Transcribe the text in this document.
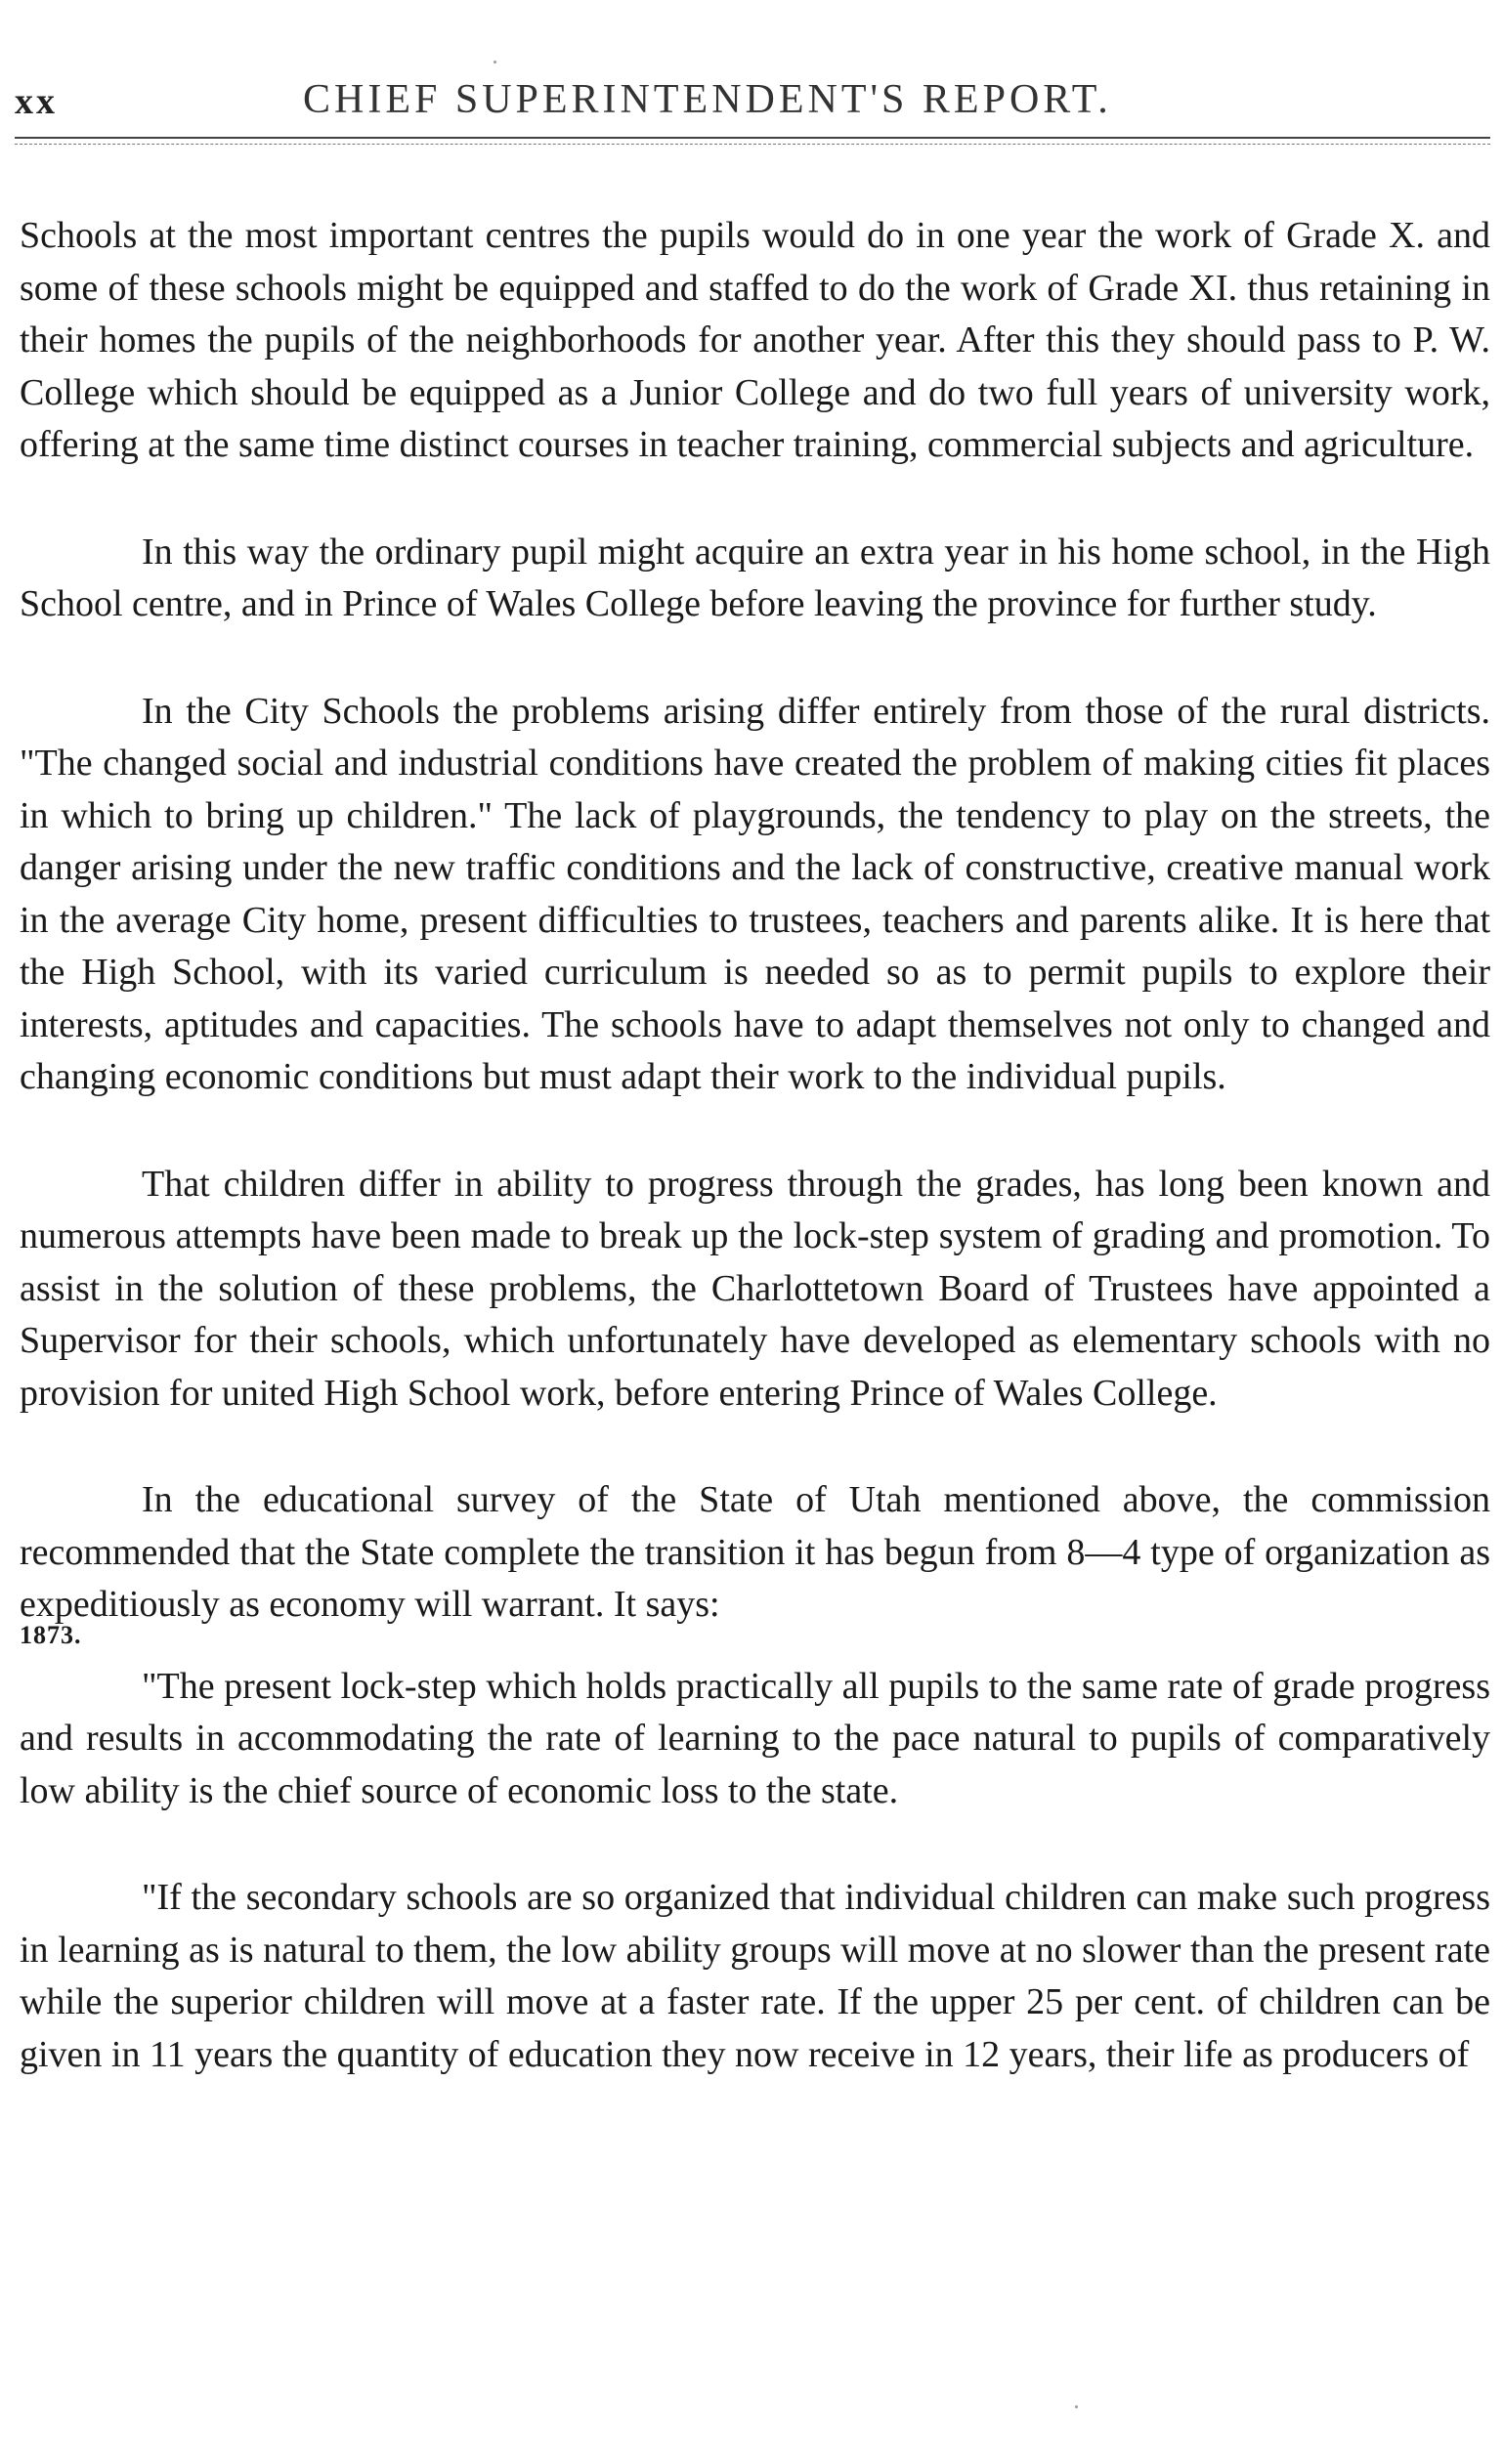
xx	CHIEF SUPERINTENDENT'S REPORT.

Schools at the most important centres the pupils would do in one year the work of Grade X. and some of these schools might be equipped and staffed to do the work of Grade XI. thus retaining in their homes the pupils of the neighborhoods for another year. After this they should pass to P. W. College which should be equipped as a Junior College and do two full years of university work, offering at the same time distinct courses in teacher training, commercial subjects and agriculture.

In this way the ordinary pupil might acquire an extra year in his home school, in the High School centre, and in Prince of Wales College before leaving the province for further study.

In the City Schools the problems arising differ entirely from those of the rural districts. "The changed social and industrial conditions have created the problem of making cities fit places in which to bring up children." The lack of playgrounds, the tendency to play on the streets, the danger arising under the new traffic conditions and the lack of constructive, creative manual work in the average City home, present difficulties to trustees, teachers and parents alike. It is here that the High School, with its varied curriculum is needed so as to permit pupils to explore their interests, aptitudes and capacities. The schools have to adapt themselves not only to changed and changing economic conditions but must adapt their work to the individual pupils.

That children differ in ability to progress through the grades, has long been known and numerous attempts have been made to break up the lock-step system of grading and promotion. To assist in the solution of these problems, the Charlottetown Board of Trustees have appointed a Supervisor for their schools, which unfortunately have developed as elementary schools with no provision for united High School work, before entering Prince of Wales College.

In the educational survey of the State of Utah mentioned above, the commission recommended that the State complete the transition it has begun from 8—4 type of organization as expeditiously as economy will warrant. It says:

1873.

"The present lock-step which holds practically all pupils to the same rate of grade progress and results in accommodating the rate of learning to the pace natural to pupils of comparatively low ability is the chief source of economic loss to the state.

"If the secondary schools are so organized that individual children can make such progress in learning as is natural to them, the low ability groups will move at no slower than the present rate while the superior children will move at a faster rate. If the upper 25 per cent. of children can be given in 11 years the quantity of education they now receive in 12 years, their life as producers of
